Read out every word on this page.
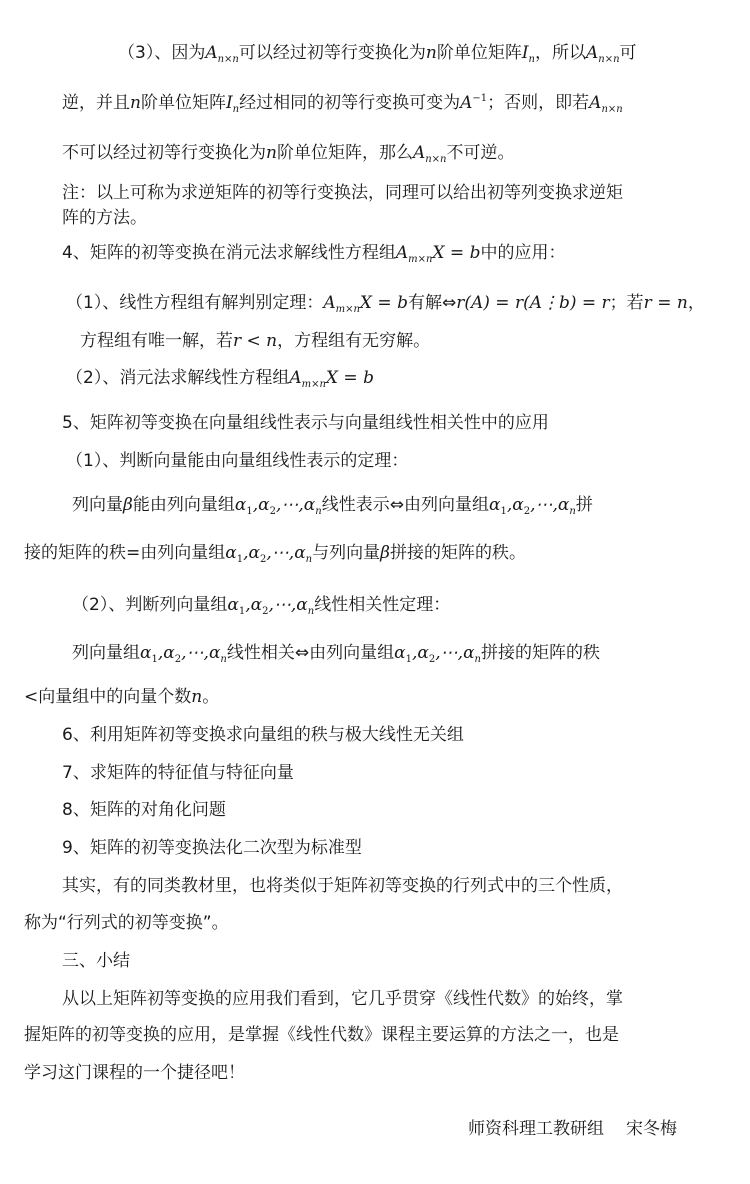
（3）、因为$A_{n\times n}$可以经过初等行变换化为n阶单位矩阵$I_n$，所以$A_{n\times n}$可
逆，并且n阶单位矩阵$I_n$经过相同的初等行变换可变为$A^{-1}$；否则，即若$A_{n\times n}$
不可以经过初等行变换化为n阶单位矩阵，那么$A_{n\times n}$不可逆。
注：以上可称为求逆矩阵的初等行变换法，同理可以给出初等列变换求逆矩
阵的方法。
4、矩阵的初等变换在消元法求解线性方程组$A_{m\times n}X = b$中的应用：
（1）、线性方程组有解判别定理：$A_{m\times n}X = b$有解⇔r(A) = r(A⋮b) = r；若r = n，
方程组有唯一解，若r < n，方程组有无穷解。
（2）、消元法求解线性方程组$A_{m\times n}X = b$
5、矩阵初等变换在向量组线性表示与向量组线性相关性中的应用
（1）、判断向量能由向量组线性表示的定理：
列向量β能由列向量组$\alpha_1,\alpha_2,\cdots,\alpha_n$线性表示⇔由列向量组$\alpha_1,\alpha_2,\cdots,\alpha_n$拼
接的矩阵的秩=由列向量组$\alpha_1,\alpha_2,\cdots,\alpha_n$与列向量β拼接的矩阵的秩。
（2）、判断列向量组$\alpha_1,\alpha_2,\cdots,\alpha_n$线性相关性定理：
列向量组$\alpha_1,\alpha_2,\cdots,\alpha_n$线性相关⇔由列向量组$\alpha_1,\alpha_2,\cdots,\alpha_n$拼接的矩阵的秩
<向量组中的向量个数n。
6、利用矩阵初等变换求向量组的秩与极大线性无关组
7、求矩阵的特征值与特征向量
8、矩阵的对角化问题
9、矩阵的初等变换法化二次型为标准型
其实，有的同类教材里，也将类似于矩阵初等变换的行列式中的三个性质，
称为“行列式的初等变换”。
三、小结
从以上矩阵初等变换的应用我们看到，它几乎贯穿《线性代数》的始终，掌
握矩阵的初等变换的应用，是掌握《线性代数》课程主要运算的方法之一，也是
学习这门课程的一个捷径吧！
师资科理工教研组 宋冬梅
